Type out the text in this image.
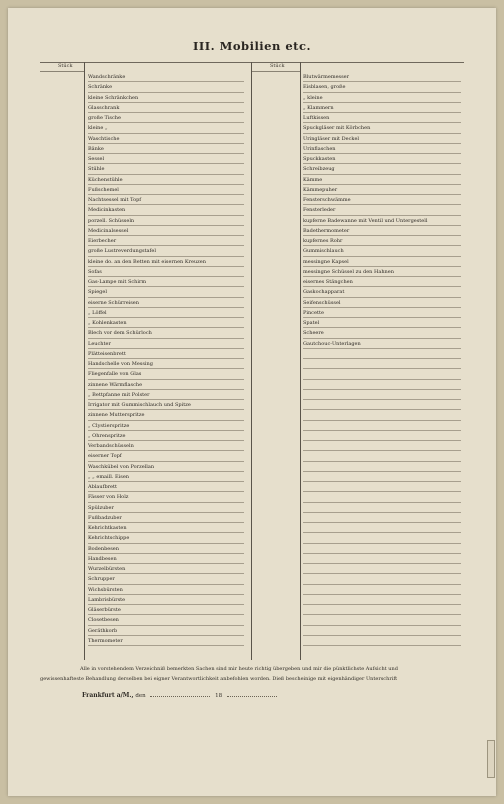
III. Mobilien etc.
Stück	Stück
Wandschränke
Schränke
kleine Schränkchen
Glasschrank
große Tische
kleine „
Waschtische
Bänke
Sessel
Stühle
Küchenstühle
Fußschemel
Nachtsessel mit Topf
Medicinkasten
porzell. Schüsseln
Medicinalsessel
Eierbecher
große Lustreverdungstafel
kleine do. an den Betten mit eisernen Kreuzen
Sofas
Gas-Lampe mit Schirm
Spiegel
eiserne Schürreisen
„ Löffel
„ Kohlenkasten
Blech vor dem Schürloch
Leuchter
Plätteisenbrett
Handschelle von Messing
Fliegenfalle von Glas
zinnene Wärmflasche
„ Bettpfanne mit Polster
Irrigator mit Gummischlauch und Spitze
zinnene Mutterspritze
„ Clystierspritze
„ Ohrenspritze
Verbandschüsseln
eiserner Topf
Waschkübel von Porzellan
„ „ emaill. Eisen
Ablaufbrett
Fässer von Holz
Spülzuber
Fußbadzuber
Kehrichtkasten
Kehrichtschippe
Bodenbesen
Handbesen
Wurzelbürsten
Schrupper
Wichsbürsten
Lambrisbürste
Gläserbürste
Closetbesen
Geräthkorb
Thermometer
Blutwärmemesser
Eisblasen, große
„ kleine
„ Klammern
Luftkissen
Spuckgläser mit Körbchen
Uringläser mit Deckel
Urinflaschen
Spuckkasten
Schreibzeug
Kämme
Kämmepuher
Fensterschwämme
Fensterleder
kupferne Badewanne mit Ventil und Untergestell
Badethermometer
kupfernes Rohr
Gummischlauch
messingne Kapsel
messingne Schüssel zu den Hahnen
eisernes Stängchen
Gaskochapparat
Seifenschüssel
Pincette
Spatel
Scheere
Gautchouc-Unterlagen
Alle in vorstehendem Verzeichniß bemerkten Sachen sind mir heute richtig übergeben und mir die pünktlichste Aufsicht und
gewissenhafteste Behandlung derselben bei eigner Verantwortlichkeit anbefohlen worden. Dieß bescheinige mit eigenhändiger Unterschrift
Frankfurt a/M., den	18
